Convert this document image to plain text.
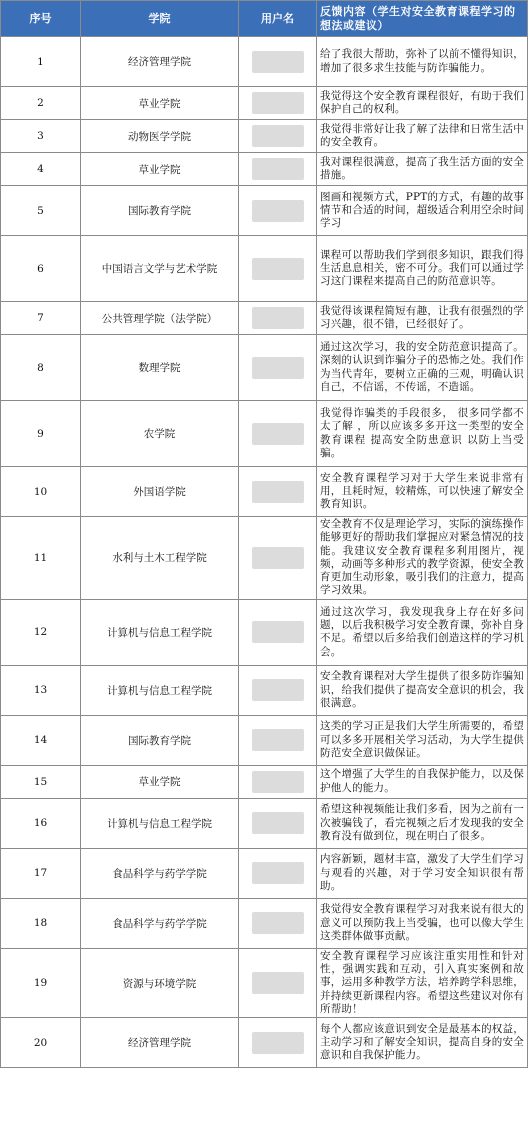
序号	学院	用户名	反馈内容（学生对安全教育课程学习的想法或建议）
1	经济管理学院		给了我很大帮助，弥补了以前不懂得知识，增加了很多求生技能与防诈骗能力。
2	草业学院		我觉得这个安全教育课程很好，有助于我们保护自己的权利。
3	动物医学学院		我觉得非常好让我了解了法律和日常生活中的安全教育。
4	草业学院		我对课程很满意，提高了我生活方面的安全措施。
5	国际教育学院		图画和视频方式，PPT的方式，有趣的故事情节和合适的时间，超级适合利用空余时间学习
6	中国语言文学与艺术学院		课程可以帮助我们学到很多知识，跟我们得生活息息相关，密不可分。我们可以通过学习这门课程来提高自己的防范意识等。
7	公共管理学院（法学院）		我觉得该课程简短有趣，让我有很强烈的学习兴趣，很不错，已经很好了。
8	数理学院		通过这次学习，我的安全防范意识提高了。深刻的认识到诈骗分子的恐怖之处。我们作为当代青年，要树立正确的三观，明确认识自己，不信谣，不传谣，不造谣。
9	农学院		我觉得诈骗类的手段很多， 很多同学都不太了解 ，所以应该多多开这一类型的安全教育课程 提高安全防患意识 以防上当受骗。
10	外国语学院		安全教育课程学习对于大学生来说非常有用，且耗时短，较精炼，可以快速了解安全教育知识。
11	水利与土木工程学院		安全教育不仅是理论学习，实际的演练操作能够更好的帮助我们掌握应对紧急情况的技能。我建议安全教育课程多利用图片，视频，动画等多种形式的教学资源，使安全教育更加生动形象，吸引我们的注意力，提高学习效果。
12	计算机与信息工程学院		通过这次学习，我发现我身上存在好多问题，以后我积极学习安全教育课，弥补自身不足。希望以后多给我们创造这样的学习机会。
13	计算机与信息工程学院		安全教育课程对大学生提供了很多防诈骗知识，给我们提供了提高安全意识的机会，我很满意。
14	国际教育学院		这类的学习正是我们大学生所需要的，希望可以多多开展相关学习活动，为大学生提供防范安全意识做保证。
15	草业学院		这个增强了大学生的自我保护能力，以及保护他人的能力。
16	计算机与信息工程学院		希望这种视频能让我们多看，因为之前有一次被骗钱了，看完视频之后才发现我的安全教育没有做到位，现在明白了很多。
17	食品科学与药学学院		内容新颖，题材丰富，激发了大学生们学习与观看的兴趣，对于学习安全知识很有帮助。
18	食品科学与药学学院		我觉得安全教育课程学习对我来说有很大的意义可以预防我上当受骗，也可以像大学生这类群体做事贡献。
19	资源与环境学院		安全教育课程学习应该注重实用性和针对性，强调实践和互动，引入真实案例和故事，运用多种教学方法，培养跨学科思维，并持续更新课程内容。希望这些建议对你有所帮助！
20	经济管理学院		每个人都应该意识到安全是最基本的权益，主动学习和了解安全知识，提高自身的安全意识和自我保护能力。
